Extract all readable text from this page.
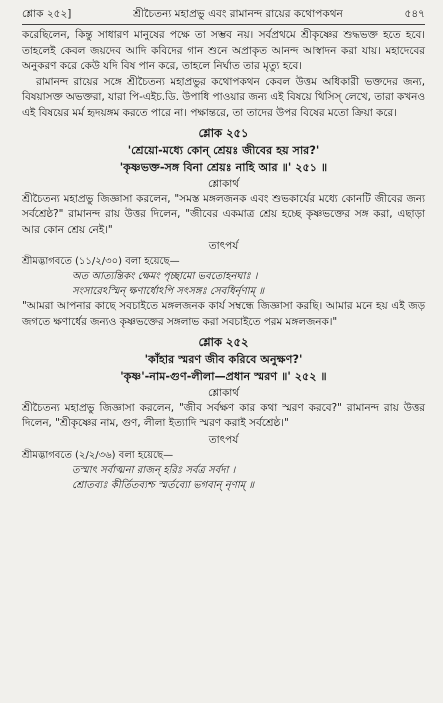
শ্লোক ২৫২]	শ্রীচৈতন্য মহাপ্রভু এবং রামানন্দ রায়ের কথোপকথন	৫৪৭

করেছিলেন, কিন্তু সাধারণ মানুষের পক্ষে তা সম্ভব নয়। সর্বপ্রথমে শ্রীকৃষ্ণের শুদ্ধভক্ত হতে হবে। তাহলেই কেবল জয়দেব আদি কবিদের গান শুনে অপ্রাকৃত আনন্দ আস্বাদন করা যায়। মহাদেবের অনুকরণ করে কেউ যদি বিষ পান করে, তাহলে নির্ঘাত তার মৃত্যু হবে।

রামানন্দ রায়ের সঙ্গে শ্রীচৈতন্য মহাপ্রভুর কথোপকথন কেবল উত্তম অধিকারী ভক্তদের জন্য, বিষয়াসক্ত অভক্তরা, যারা পি-এইচ.ডি. উপাধি পাওয়ার জন্য এই বিষয়ে থিসিস্ লেখে, তারা কখনও এই বিষয়ের মর্ম হৃদয়ঙ্গম করতে পারে না। পক্ষান্তরে, তা তাদের উপর বিষের মতো ক্রিয়া করে।

শ্লোক ২৫১
'শ্রেয়ো-মধ্যে কোন্ শ্রেয়ঃ জীবের হয় সার?'
'কৃষ্ণভক্ত-সঙ্গ বিনা শ্রেয়ঃ নাহি আর ॥' ২৫১ ॥
শ্লোকার্থ

শ্রীচৈতন্য মহাপ্রভু জিজ্ঞাসা করলেন, "সমস্ত মঙ্গলজনক এবং শুভকার্যের মধ্যে কোনটি জীবের জন্য সর্বশ্রেষ্ঠ?" রামানন্দ রায় উত্তর দিলেন, "জীবের একমাত্র শ্রেয় হচ্ছে কৃষ্ণভক্তের সঙ্গ করা, এছাড়া আর কোন শ্রেয় নেই।"

তাৎপর্য

শ্রীমদ্ভাগবতে (১১/২/৩০) বলা হয়েছে—

অত আত্যন্তিকং ক্ষেমং পৃচ্ছামো ভবতোহনঘাঃ ।
সংসারেঽস্মিন্ ক্ষণার্ধোঽপি সৎসঙ্গঃ সেবধির্নৃণাম্ ॥

"আমরা আপনার কাছে সবচাইতে মঙ্গলজনক কার্য সম্বন্ধে জিজ্ঞাসা করছি। আমার মনে হয় এই জড় জগতে ক্ষণার্ধের জন্যও কৃষ্ণভক্তের সঙ্গলাভ করা সবচাইতে পরম মঙ্গলজনক।"

শ্লোক ২৫২
'কাঁহার স্মরণ জীব করিবে অনুক্ষণ?'
'কৃষ্ণ'-নাম-গুণ-লীলা—প্রধান স্মরণ ॥' ২৫২ ॥
শ্লোকার্থ

শ্রীচৈতন্য মহাপ্রভু জিজ্ঞাসা করলেন, "জীব সর্বক্ষণ কার কথা স্মরণ করবে?" রামানন্দ রায় উত্তর দিলেন, "শ্রীকৃষ্ণের নাম, গুণ, লীলা ইত্যাদি স্মরণ করাই সর্বশ্রেষ্ঠ।"

তাৎপর্য

শ্রীমদ্ভাগবতে (২/২/৩৬) বলা হয়েছে—

তস্মাৎ সর্বাত্মনা রাজন্ হরিঃ সর্বত্র সর্বদা ।
শ্রোতব্যঃ কীর্তিতব্যশ্চ স্মর্তব্যো ভগবান্ নৃণাম্ ॥
